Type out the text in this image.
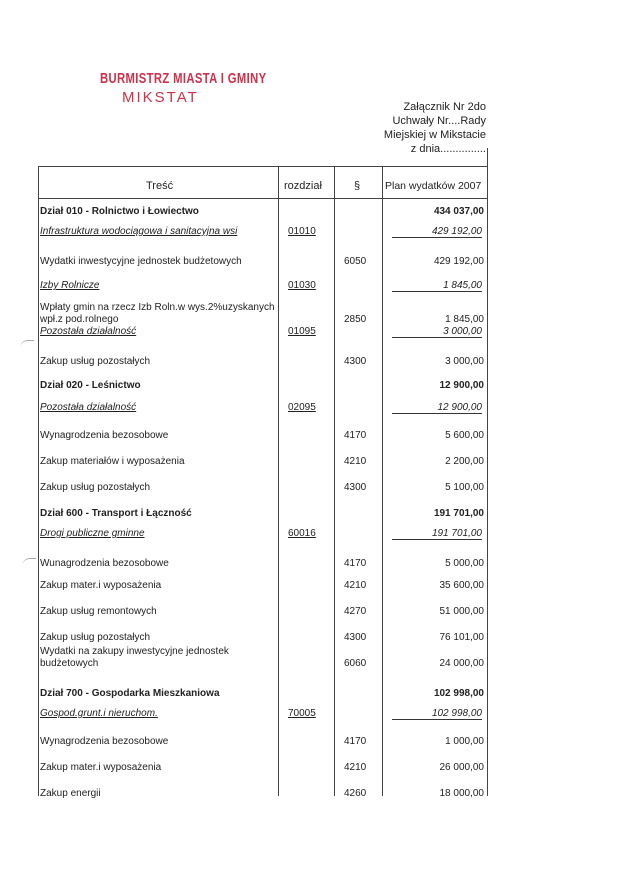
BURMISTRZ MIASTA I GMINY
MIKSTAT
Załącznik Nr 2do
Uchwały Nr....Rady
Miejskiej w Mikstacie
z dnia...............
Treść	rozdział	§ Plan wydatków 2007
Dział 010 - Rolnictwo i Łowiectwo	434 037,00
Infrastruktura wodociągowa i sanitacyjna wsi	01010	429 192,00
Wydatki inwestycyjne jednostek budżetowych	6050	429 192,00
Izby Rolnicze	01030	1 845,00
Wpłaty gmin na rzecz Izb Roln.w wys.2%uzyskanych wpł.z pod.rolnego	2850	1 845,00
Pozostała działalność	01095	3 000,00
Zakup usług pozostałych	4300	3 000,00
Dział 020 - Leśnictwo	12 900,00
Pozostała działalność	02095	12 900,00
Wynagrodzenia bezosobowe	4170	5 600,00
Zakup materiałów i wyposażenia	4210	2 200,00
Zakup usług pozostałych	4300	5 100,00
Dział 600 - Transport i Łączność	191 701,00
Drogi publiczne gminne	60016	191 701,00
Wunagrodzenia bezosobowe	4170	5 000,00
Zakup mater.i wyposażenia	4210	35 600,00
Zakup usług remontowych	4270	51 000,00
Zakup usług pozostałych	4300	76 101,00
Wydatki na zakupy inwestycyjne jednostek budżetowych	6060	24 000,00
Dział 700 - Gospodarka Mieszkaniowa	102 998,00
Gospod.grunt.i nieruchom.	70005	102 998,00
Wynagrodzenia bezosobowe	4170	1 000,00
Zakup mater.i wyposażenia	4210	26 000,00
Zakup energii	4260	18 000,00
